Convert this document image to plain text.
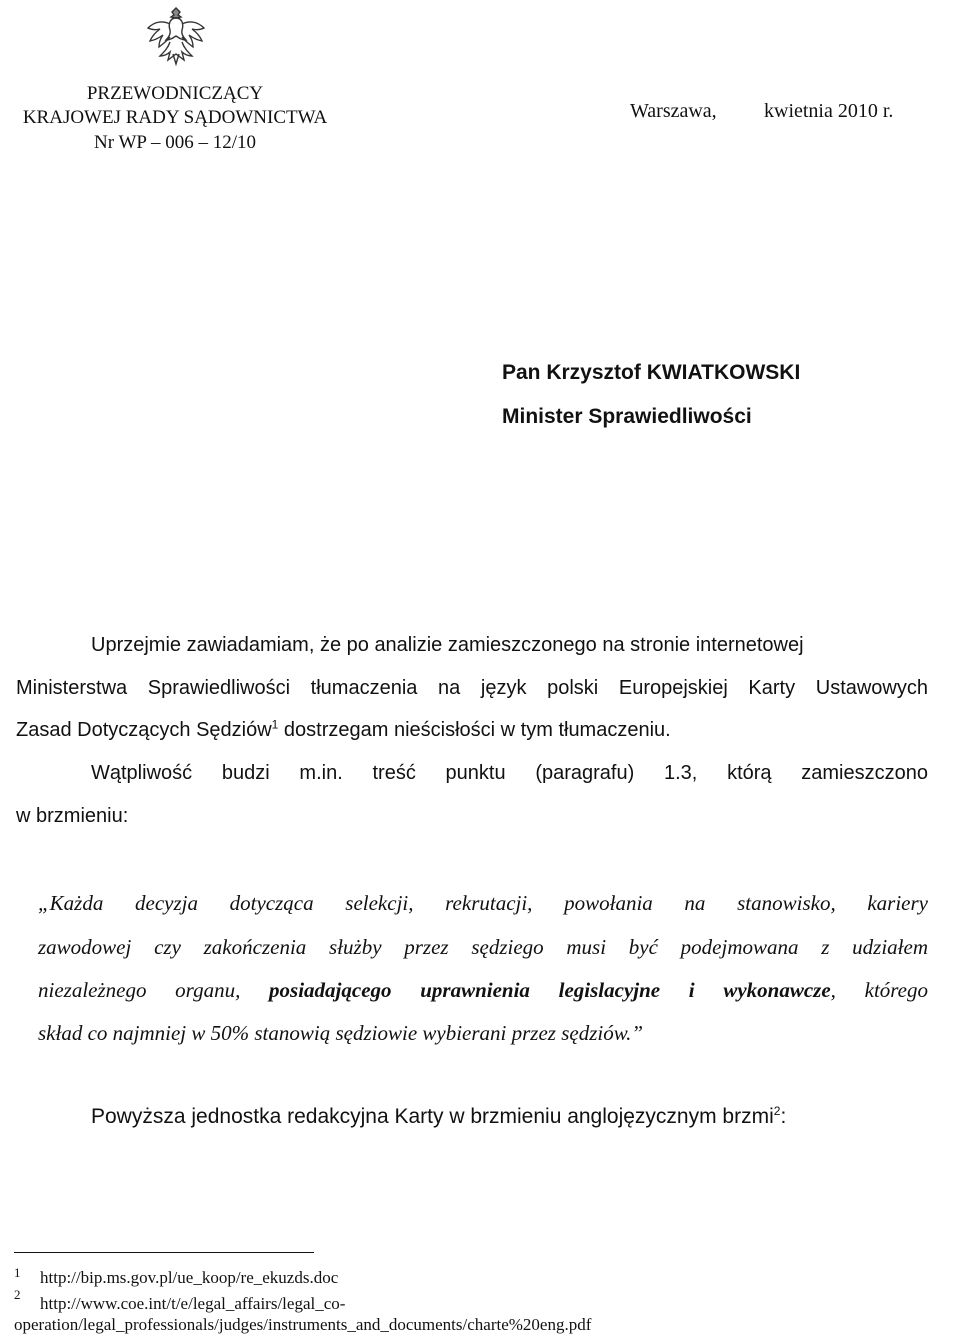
PRZEWODNICZĄCY
KRAJOWEJ RADY SĄDOWNICTWA
Nr WP – 006 – 12/10
Warszawa, kwietnia 2010 r.
Pan Krzysztof KWIATKOWSKI
Minister Sprawiedliwości
Uprzejmie zawiadamiam, że po analizie zamieszczonego na stronie internetowej
Ministerstwa Sprawiedliwości tłumaczenia na język polski Europejskiej Karty Ustawowych
Zasad Dotyczących Sędziów$^1$ dostrzegam nieścisłości w tym tłumaczeniu.
Wątpliwość budzi m.in. treść punktu (paragrafu) 1.3, którą zamieszczono
w brzmieniu:
„Każda decyzja dotycząca selekcji, rekrutacji, powołania na stanowisko, kariery
zawodowej czy zakończenia służby przez sędziego musi być podejmowana z udziałem
niezależnego organu, posiadającego uprawnienia legislacyjne i wykonawcze, którego
skład co najmniej w 50% stanowią sędziowie wybierani przez sędziów.”
Powyższa jednostka redakcyjna Karty w brzmieniu anglojęzycznym brzmi$^2$:
1 http://bip.ms.gov.pl/ue_koop/re_ekuzds.doc
2 http://www.coe.int/t/e/legal_affairs/legal_co-
operation/legal_professionals/judges/instruments_and_documents/charte%20eng.pdf
